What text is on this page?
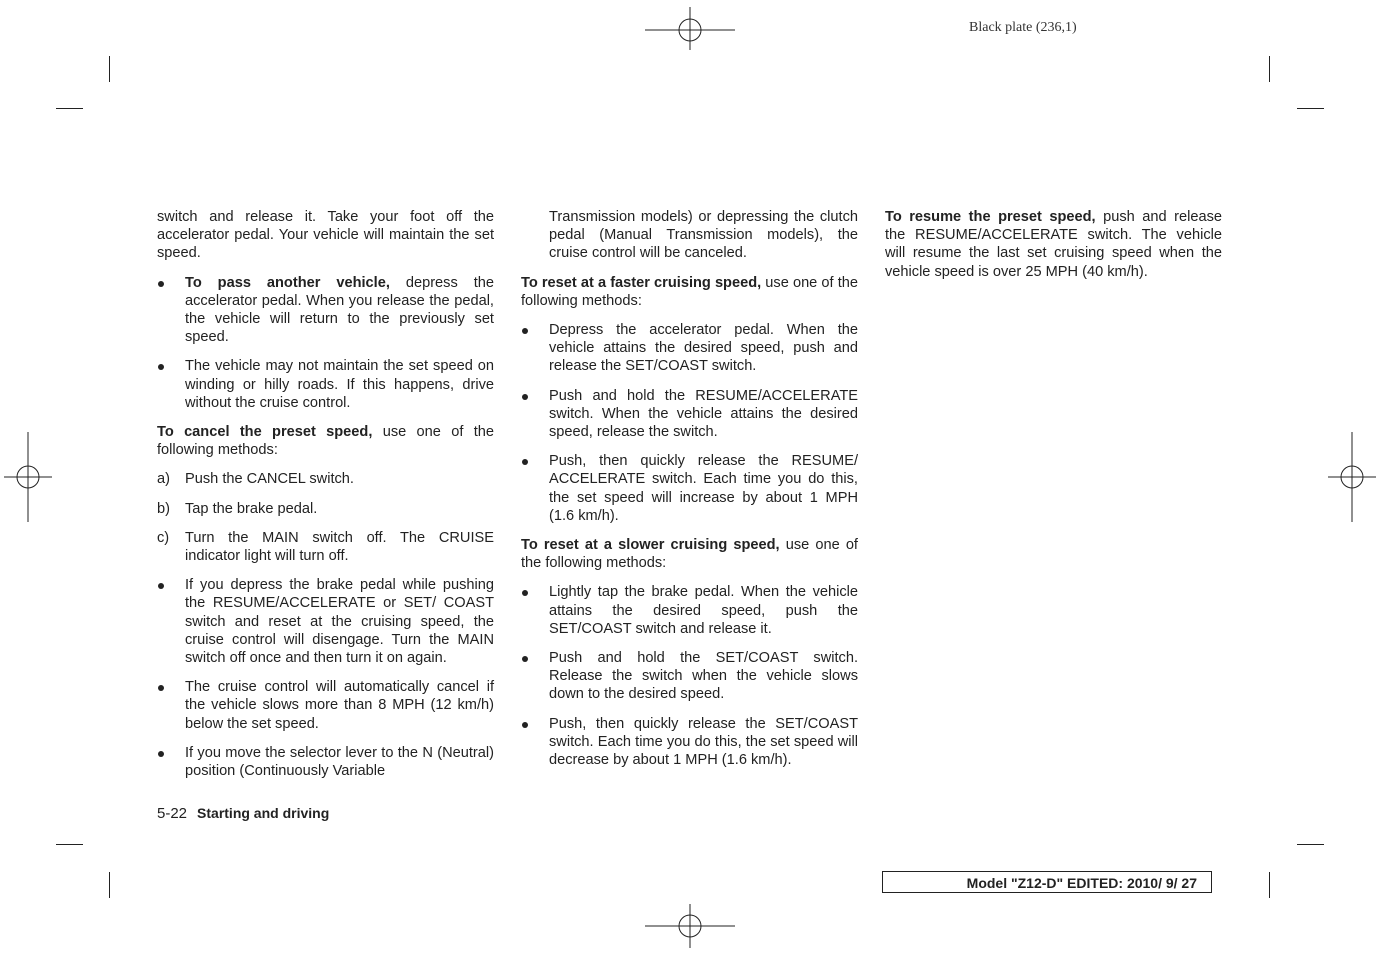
Black plate (236,1)

switch and release it. Take your foot off the accelerator pedal. Your vehicle will maintain the set speed.

To pass another vehicle, depress the accelerator pedal. When you release the pedal, the vehicle will return to the previously set speed.
The vehicle may not maintain the set speed on winding or hilly roads. If this happens, drive without the cruise control.

To cancel the preset speed, use one of the following methods:

a) Push the CANCEL switch.
b) Tap the brake pedal.
c) Turn the MAIN switch off. The CRUISE indicator light will turn off.
If you depress the brake pedal while pushing the RESUME/ACCELERATE or SET/ COAST switch and reset at the cruising speed, the cruise control will disengage. Turn the MAIN switch off once and then turn it on again.
The cruise control will automatically cancel if the vehicle slows more than 8 MPH (12 km/h) below the set speed.
If you move the selector lever to the N (Neutral) position (Continuously Variable

Transmission models) or depressing the clutch pedal (Manual Transmission models), the cruise control will be canceled.

To reset at a faster cruising speed, use one of the following methods:

Depress the accelerator pedal. When the vehicle attains the desired speed, push and release the SET/COAST switch.
Push and hold the RESUME/ACCELERATE switch. When the vehicle attains the desired speed, release the switch.
Push, then quickly release the RESUME/ ACCELERATE switch. Each time you do this, the set speed will increase by about 1 MPH (1.6 km/h).

To reset at a slower cruising speed, use one of the following methods:

Lightly tap the brake pedal. When the vehicle attains the desired speed, push the SET/COAST switch and release it.
Push and hold the SET/COAST switch. Release the switch when the vehicle slows down to the desired speed.
Push, then quickly release the SET/COAST switch. Each time you do this, the set speed will decrease by about 1 MPH (1.6 km/h).

To resume the preset speed, push and release the RESUME/ACCELERATE switch. The vehicle will resume the last set cruising speed when the vehicle speed is over 25 MPH (40 km/h).

5-22 Starting and driving
Model "Z12-D" EDITED: 2010/ 9/ 27
